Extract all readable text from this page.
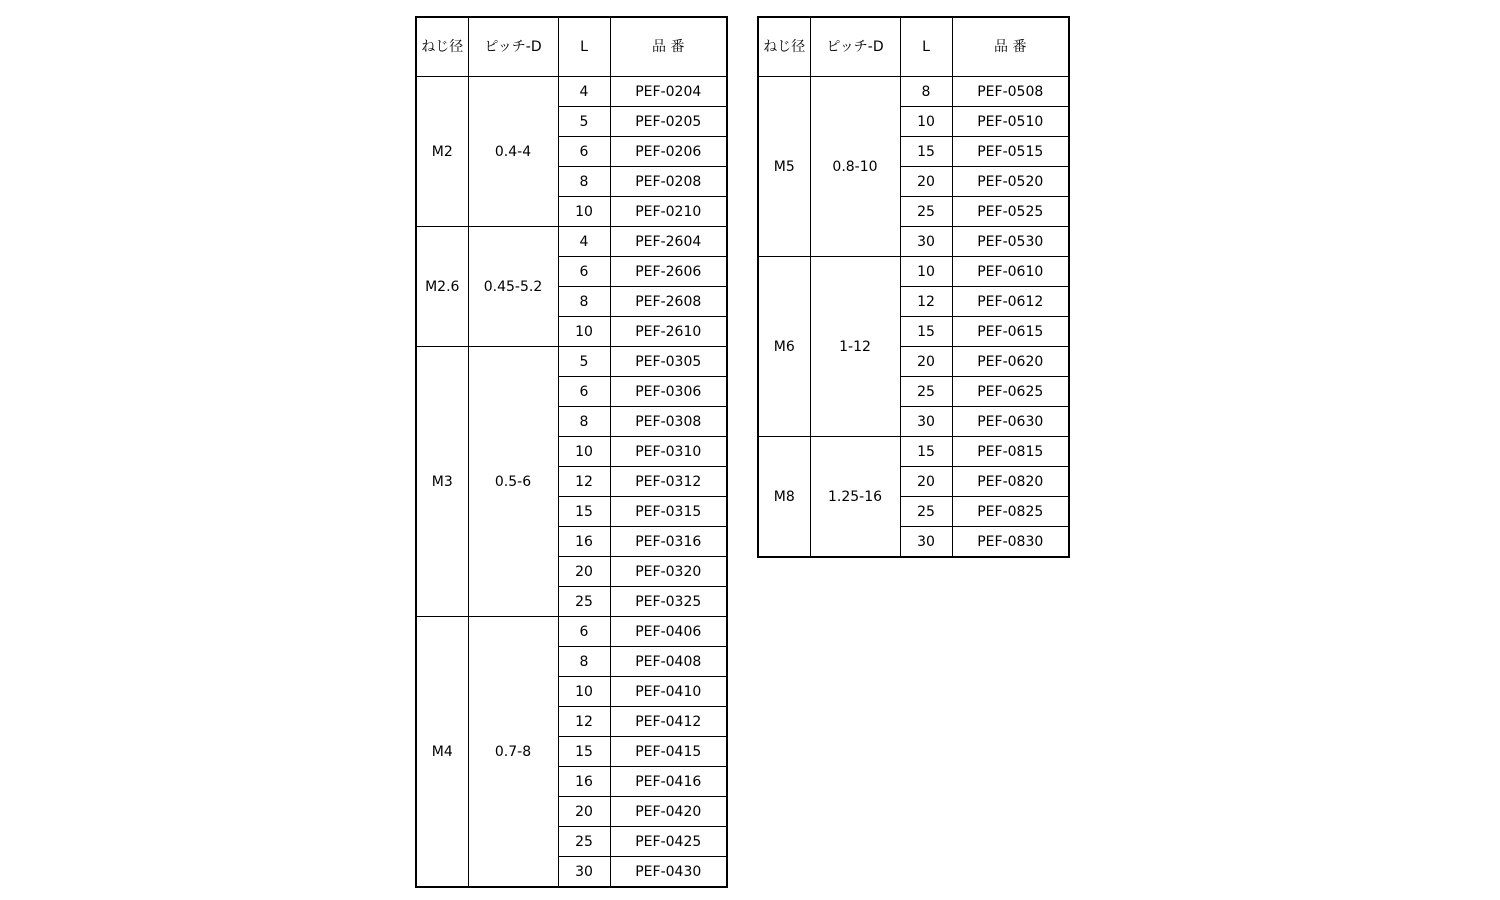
ねじ径	ピッチ-D	L	品 番
M2	0.4-4	4	PEF-0204
		5	PEF-0205
		6	PEF-0206
		8	PEF-0208
		10	PEF-0210
M2.6	0.45-5.2	4	PEF-2604
		6	PEF-2606
		8	PEF-2608
		10	PEF-2610
M3	0.5-6	5	PEF-0305
		6	PEF-0306
		8	PEF-0308
		10	PEF-0310
		12	PEF-0312
		15	PEF-0315
		16	PEF-0316
		20	PEF-0320
		25	PEF-0325
M4	0.7-8	6	PEF-0406
		8	PEF-0408
		10	PEF-0410
		12	PEF-0412
		15	PEF-0415
		16	PEF-0416
		20	PEF-0420
		25	PEF-0425
		30	PEF-0430
ねじ径	ピッチ-D	L	品 番
M5	0.8-10	8	PEF-0508
		10	PEF-0510
		15	PEF-0515
		20	PEF-0520
		25	PEF-0525
		30	PEF-0530
M6	1-12	10	PEF-0610
		12	PEF-0612
		15	PEF-0615
		20	PEF-0620
		25	PEF-0625
		30	PEF-0630
M8	1.25-16	15	PEF-0815
		20	PEF-0820
		25	PEF-0825
		30	PEF-0830
